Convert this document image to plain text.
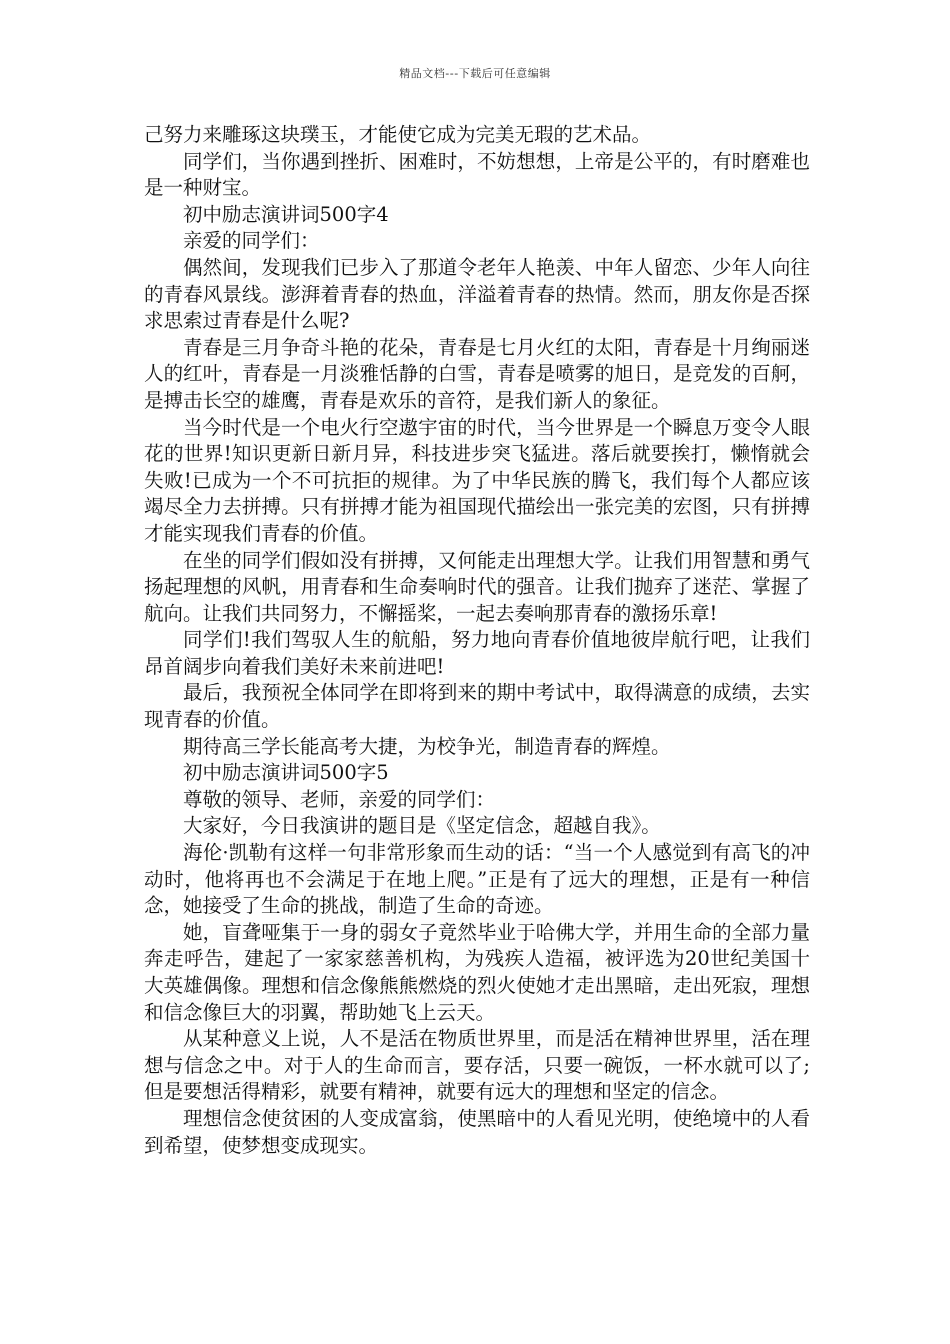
精品文档---下载后可任意编辑

己努力来雕琢这块璞玉，才能使它成为完美无瑕的艺术品。

同学们，当你遇到挫折、困难时，不妨想想，上帝是公平的，有时磨难也是一种财宝。

初中励志演讲词500字4

亲爱的同学们：

偶然间，发现我们已步入了那道令老年人艳羡、中年人留恋、少年人向往的青春风景线。澎湃着青春的热血，洋溢着青春的热情。然而，朋友你是否探求思索过青春是什么呢?

青春是三月争奇斗艳的花朵，青春是七月火红的太阳，青春是十月绚丽迷人的红叶，青春是一月淡雅恬静的白雪，青春是喷雾的旭日，是竞发的百舸，是搏击长空的雄鹰，青春是欢乐的音符，是我们新人的象征。

当今时代是一个电火行空遨宇宙的时代，当今世界是一个瞬息万变令人眼花的世界!知识更新日新月异，科技进步突飞猛进。落后就要挨打，懒惰就会失败!已成为一个不可抗拒的规律。为了中华民族的腾飞，我们每个人都应该竭尽全力去拼搏。只有拼搏才能为祖国现代描绘出一张完美的宏图，只有拼搏才能实现我们青春的价值。

在坐的同学们假如没有拼搏，又何能走出理想大学。让我们用智慧和勇气扬起理想的风帆，用青春和生命奏响时代的强音。让我们抛弃了迷茫、掌握了航向。让我们共同努力，不懈摇桨，一起去奏响那青春的激扬乐章!

同学们!我们驾驭人生的航船，努力地向青春价值地彼岸航行吧，让我们昂首阔步向着我们美好未来前进吧!

最后，我预祝全体同学在即将到来的期中考试中，取得满意的成绩，去实现青春的价值。

期待高三学长能高考大捷，为校争光，制造青春的辉煌。

初中励志演讲词500字5

尊敬的领导、老师，亲爱的同学们：

大家好，今日我演讲的题目是《坚定信念，超越自我》。

海伦·凯勒有这样一句非常形象而生动的话：“当一个人感觉到有高飞的冲动时，他将再也不会满足于在地上爬。”正是有了远大的理想，正是有一种信念，她接受了生命的挑战，制造了生命的奇迹。

她，盲聋哑集于一身的弱女子竟然毕业于哈佛大学，并用生命的全部力量奔走呼告，建起了一家家慈善机构，为残疾人造福，被评选为20世纪美国十大英雄偶像。理想和信念像熊熊燃烧的烈火使她才走出黑暗，走出死寂，理想和信念像巨大的羽翼，帮助她飞上云天。

从某种意义上说，人不是活在物质世界里，而是活在精神世界里，活在理想与信念之中。对于人的生命而言，要存活，只要一碗饭，一杯水就可以了;但是要想活得精彩，就要有精神，就要有远大的理想和坚定的信念。

理想信念使贫困的人变成富翁，使黑暗中的人看见光明，使绝境中的人看到希望，使梦想变成现实。
